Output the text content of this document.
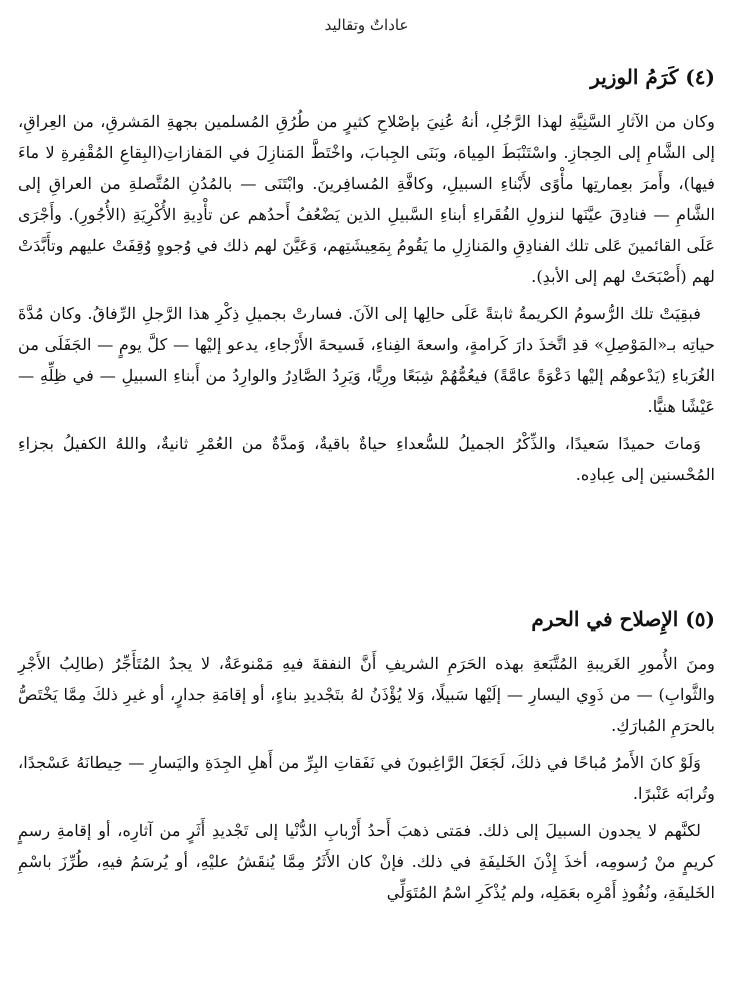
عاداتٌ وتقاليد
(٤) كَرَمُ الوزير

وكان من الآثارِ السَّنِيَّةِ لهذا الرَّجُلِ، أنهُ عُنِيَ بإصْلاحِ كثيرٍ من طُرُقِ المُسلمين بجهةِ المَشرقِ، من العِراقِ، إلى الشَّامِ إلى الحِجازِ. واسْتَنْبَطَ المِياهَ، وبَنَى الجِبابَ، واخْتَطَّ المَنازِلَ في المَفازاتِ(البِقاعِ المُقْفِرةِ لا ماءَ فيها)، وأَمرَ بعِمارتِها مأْوًى لأَبْناءِ السبيلِ، وكافَّةِ المُسافِرينَ. وابْتَنَى — بالمُدُنِ المُتَّصلةِ من العراقِ إلى الشَّامِ — فنادِقَ عيَّنَها لنزولِ الفُقَراءِ أبناءِ السَّبيلِ الذين يَضْعُفُ أَحدُهم عن تأْدِيةِ الأُكْرِيَةِ (الأُجُورِ). وأَجْرَى عَلَى القائمينَ عَلى تلك الفنادِقِ والمَنازِلِ ما يَقُومُ بِمَعِيشَتِهم، وَعَيَّنَ لهم ذلك في وُجوهٍ وُقِفَتْ عليهم وتأَبَّدَتْ لهم (أَصْبَحَتْ لهم إلى الأبدِ).

فبقِيَتْ تلك الرُّسومُ الكريمةُ ثابتةً عَلَى حالِها إلى الآنَ. فسارتْ بجميلِ ذِكْرِ هذا الرَّجلِ الرِّفاقُ. وكان مُدَّةَ حياتِه بـ«المَوْصِلِ» قدِ اتَّخذَ دارَ كَرامةٍ، واسعةَ الفِناءِ، فَسيحةَ الأَرْجاءِ، يدعو إليْها — كلَّ يومٍ — الجَفَلَى من الغُرَباءِ (يَدْعوهُم إليْها دَعْوَةً عامَّةً) فيعُمُّهُمْ شِبَعًا ورِيًّا، وَيَرِدُ الصَّادِرُ والوارِدُ من أَبناءِ السبيلِ — في ظِلِّهِ — عَيْشًا هنيًّا.

وَماتَ حميدًا سَعيدًا، والذِّكْرُ الجميلُ للسُّعداءِ حياةٌ باقيةٌ، وَمدَّةٌ من العُمْرِ ثانيةٌ، واللهُ الكفيلُ بجزاءِ المُحْسنين إلى عِبادِه.

(٥) الإِصلاح في الحرم

ومنَ الأُمورِ الغَريبةِ المُتَّبَعةِ بهذه الحَرَمِ الشريفِ أَنَّ النفقةَ فيهِ مَمْنوعَةٌ، لا يجدُ المُتَأَجِّرُ (طالِبُ الأَجْرِ والثَّوابِ) — من ذَوِي اليسارِ — إلَيْها سَبيلًا، وَلا يُؤْذَنُ لهُ بتَجْديدِ بناءٍ، أو إقامَةِ جدارٍ، أو غيرِ ذلكَ مِمَّا يَخْتَصُّ بالحرَمِ المُبارَكِ.

وَلَوْ كانَ الأَمرُ مُباحًا في ذلكَ، لَجَعَلَ الرَّاغِبونَ في نَفَقاتِ البِرِّ من أَهلِ الجِدَةِ واليَسارِ — حِيطانَهُ عَسْجدًا، وتُرابَه عَنْبرًا.

لكنَّهم لا يجدون السبيلَ إلى ذلك. فمَتى ذهبَ أَحدُ أَرْبابِ الدُّنْيا إلى تَجْديدِ أَثَرٍ من آثارِه، أو إقامةِ رسمٍ كريمٍ منْ رُسومِه، أخذَ إِذْنَ الخَليفَةِ في ذلك. فإنْ كان الأَثَرُ مِمَّا يُنقَشُ عليْهِ، أو يُرسَمُ فيهِ، طُرِّزَ باسْمِ الخَليفَةِ، ونُفُوذِ أَمْرِه بعَمَلِه، ولم يُذْكَرِ اسْمُ المُتَوَلِّي
